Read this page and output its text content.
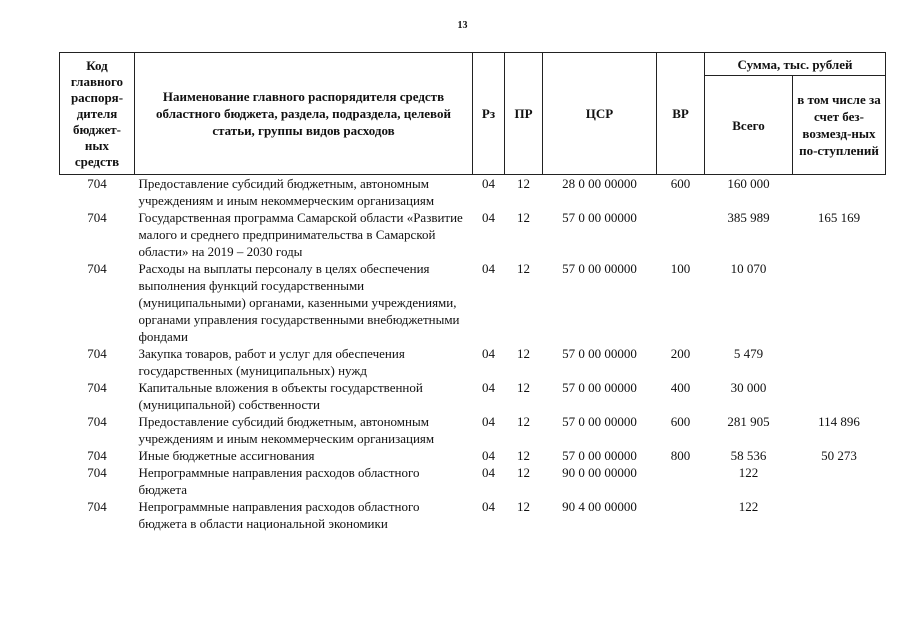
13
Код главного распоря-дителя бюджет-ных средств	Наименование главного распорядителя средств областного бюджета, раздела, подраздела, целевой статьи, группы видов расходов	Рз	ПР	ЦСР	ВР	Сумма, тыс. рублей	
						Всего	в том числе за счет без-возмезд-ных по-ступлений
704	Предоставление субсидий бюджетным, автономным учреждениям и иным некоммерческим организациям	04	12	28 0 00 00000	600	160 000	
704	Государственная программа Самарской области «Развитие малого и среднего предпринимательства в Самарской области» на 2019 – 2030 годы	04	12	57 0 00 00000		385 989	165 169
704	Расходы на выплаты персоналу в целях обеспечения выполнения функций государственными (муниципальными) органами, казенными учреждениями, органами управления государственными внебюджетными фондами	04	12	57 0 00 00000	100	10 070	
704	Закупка товаров, работ и услуг для обеспечения государственных (муниципальных) нужд	04	12	57 0 00 00000	200	5 479	
704	Капитальные вложения в объекты государственной (муниципальной) собственности	04	12	57 0 00 00000	400	30 000	
704	Предоставление субсидий бюджетным, автономным учреждениям и иным некоммерческим организациям	04	12	57 0 00 00000	600	281 905	114 896
704	Иные бюджетные ассигнования	04	12	57 0 00 00000	800	58 536	50 273
704	Непрограммные направления расходов областного бюджета	04	12	90 0 00 00000		122	
704	Непрограммные направления расходов областного бюджета в области национальной экономики	04	12	90 4 00 00000		122	
